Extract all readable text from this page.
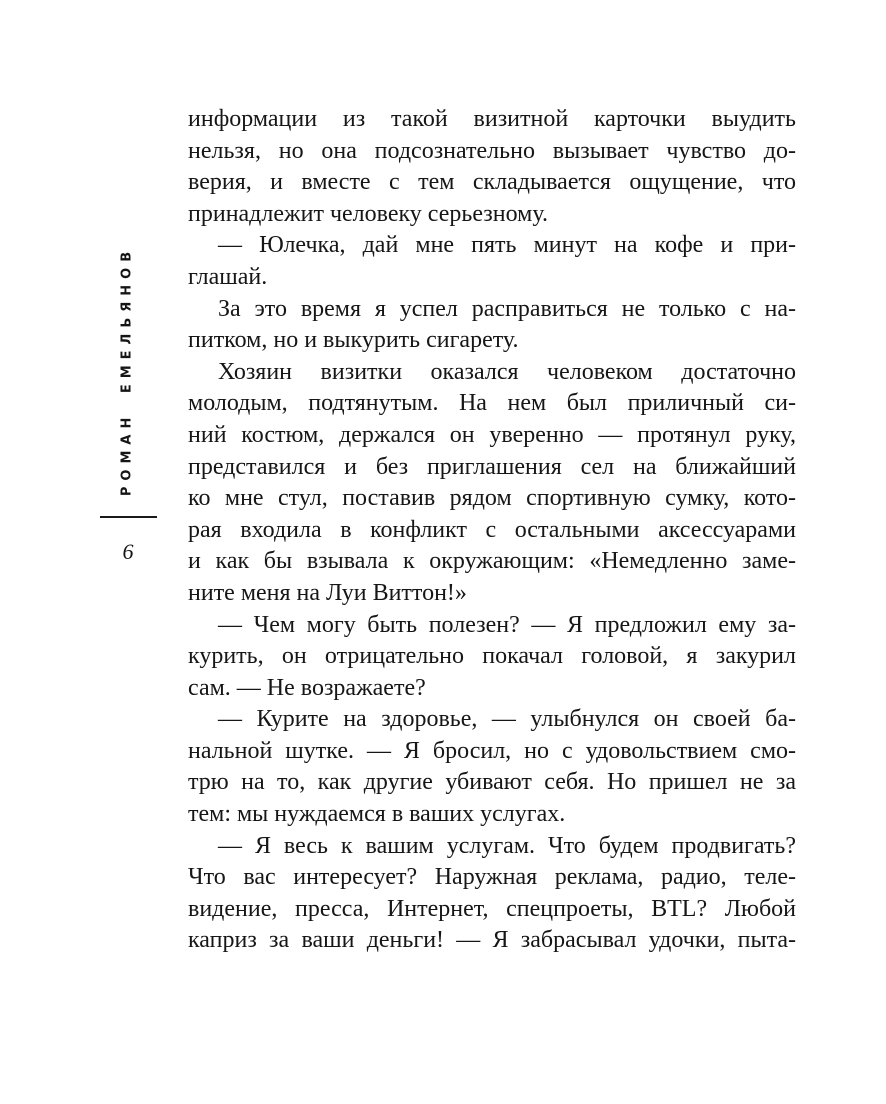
РОМАН ЕМЕЛЬЯНОВ
6
информации из такой визитной карточки выудить
нельзя, но она подсознательно вызывает чувство до-
верия, и вместе с тем складывается ощущение, что
принадлежит человеку серьезному.
— Юлечка, дай мне пять минут на кофе и при-
глашай.
За это время я успел расправиться не только с на-
питком, но и выкурить сигарету.
Хозяин визитки оказался человеком достаточно
молодым, подтянутым. На нем был приличный си-
ний костюм, держался он уверенно — протянул руку,
представился и без приглашения сел на ближайший
ко мне стул, поставив рядом спортивную сумку, кото-
рая входила в конфликт с остальными аксессуарами
и как бы взывала к окружающим: «Немедленно заме-
ните меня на Луи Виттон!»
— Чем могу быть полезен? — Я предложил ему за-
курить, он отрицательно покачал головой, я закурил
сам. — Не возражаете?
— Курите на здоровье, — улыбнулся он своей ба-
нальной шутке. — Я бросил, но с удовольствием смо-
трю на то, как другие убивают себя. Но пришел не за
тем: мы нуждаемся в ваших услугах.
— Я весь к вашим услугам. Что будем продвигать?
Что вас интересует? Наружная реклама, радио, теле-
видение, пресса, Интернет, спецпроеты, BTL? Любой
каприз за ваши деньги! — Я забрасывал удочки, пыта-
